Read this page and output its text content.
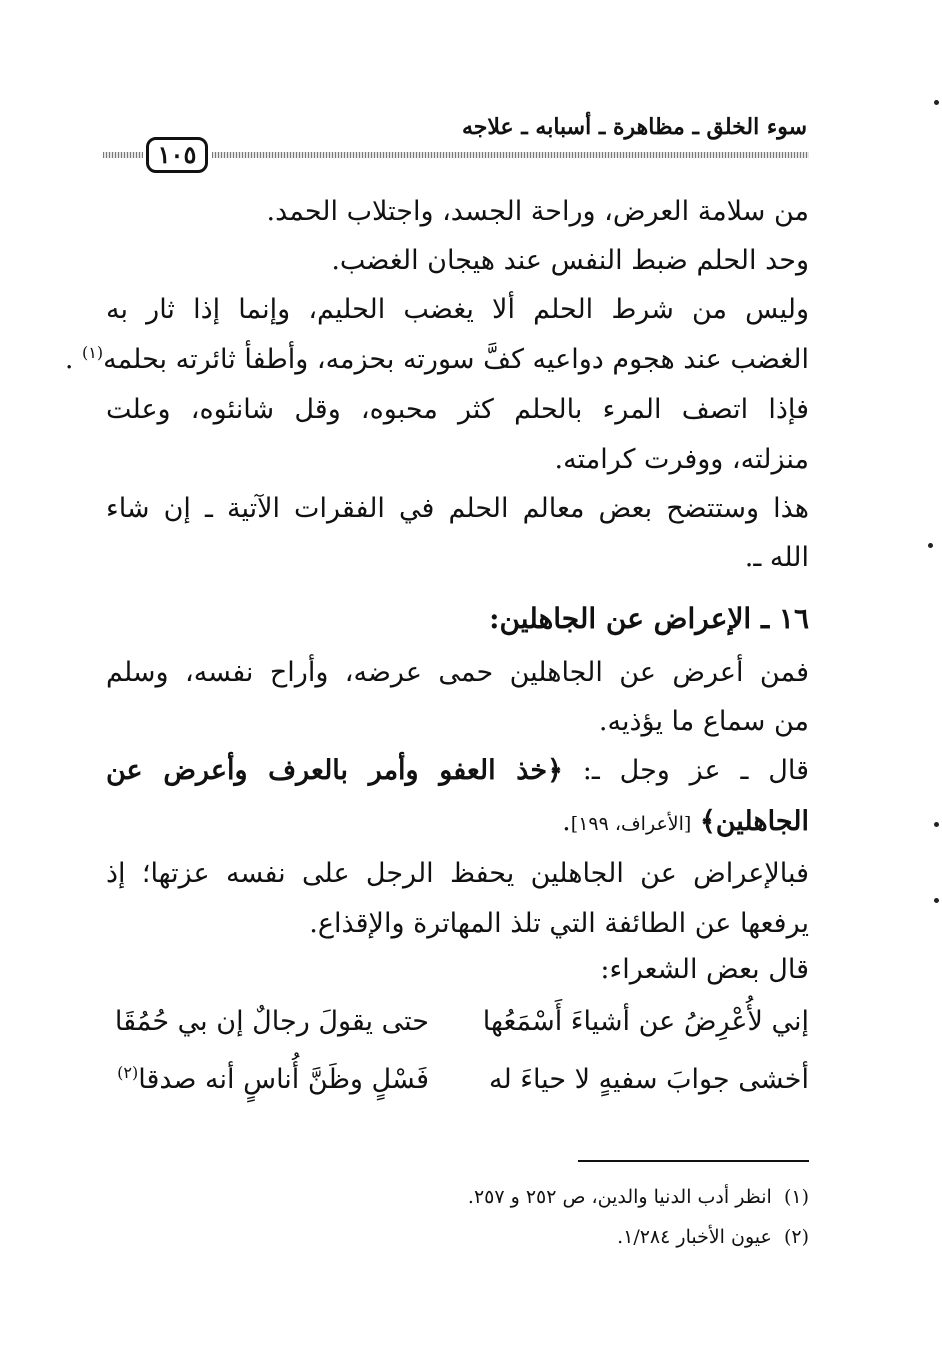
سوء الخلق ـ مظاهرة ـ أسبابه ـ علاجه
١٠٥
من سلامة العرض، وراحة الجسد، واجتلاب الحمد.
وحد الحلم ضبط النفس عند هيجان الغضب.
وليس من شرط الحلم ألا يغضب الحليم، وإنما إذا ثار به
الغضب عند هجوم دواعيه كفَّ سورته بحزمه، وأطفأ ثائرته بحلمه$^{(١)}$ .
فإذا اتصف المرء بالحلم كثر محبوه، وقل شانئوه، وعلت
منزلته، ووفرت كرامته.
هذا وستتضح بعض معالم الحلم في الفقرات الآتية ـ إن شاء
الله ـ.
١٦ ـ الإعراض عن الجاهلين:
فمن أعرض عن الجاهلين حمى عرضه، وأراح نفسه، وسلم
من سماع ما يؤذيه.
قال ـ عز وجل ـ: ﴿خذ العفو وأمر بالعرف وأعرض عن
الجاهلين﴾ [الأعراف، ١٩٩].
فبالإعراض عن الجاهلين يحفظ الرجل على نفسه عزتها؛ إذ
يرفعها عن الطائفة التي تلذ المهاترة والإقذاع.
قال بعض الشعراء:
إني لأُعْرِضُ عن أشياءَ أَسْمَعُها
حتى يقولَ رجالٌ إن بي حُمُقَا
أخشى جوابَ سفيهٍ لا حياءَ له
فَسْلٍ وظَنَّ أُناسٍ أنه صدقا$^{(٢)}$
(١)  انظر أدب الدنيا والدين، ص ٢٥٢ و ٢٥٧.
(٢)  عيون الأخبار ١/٢٨٤.
